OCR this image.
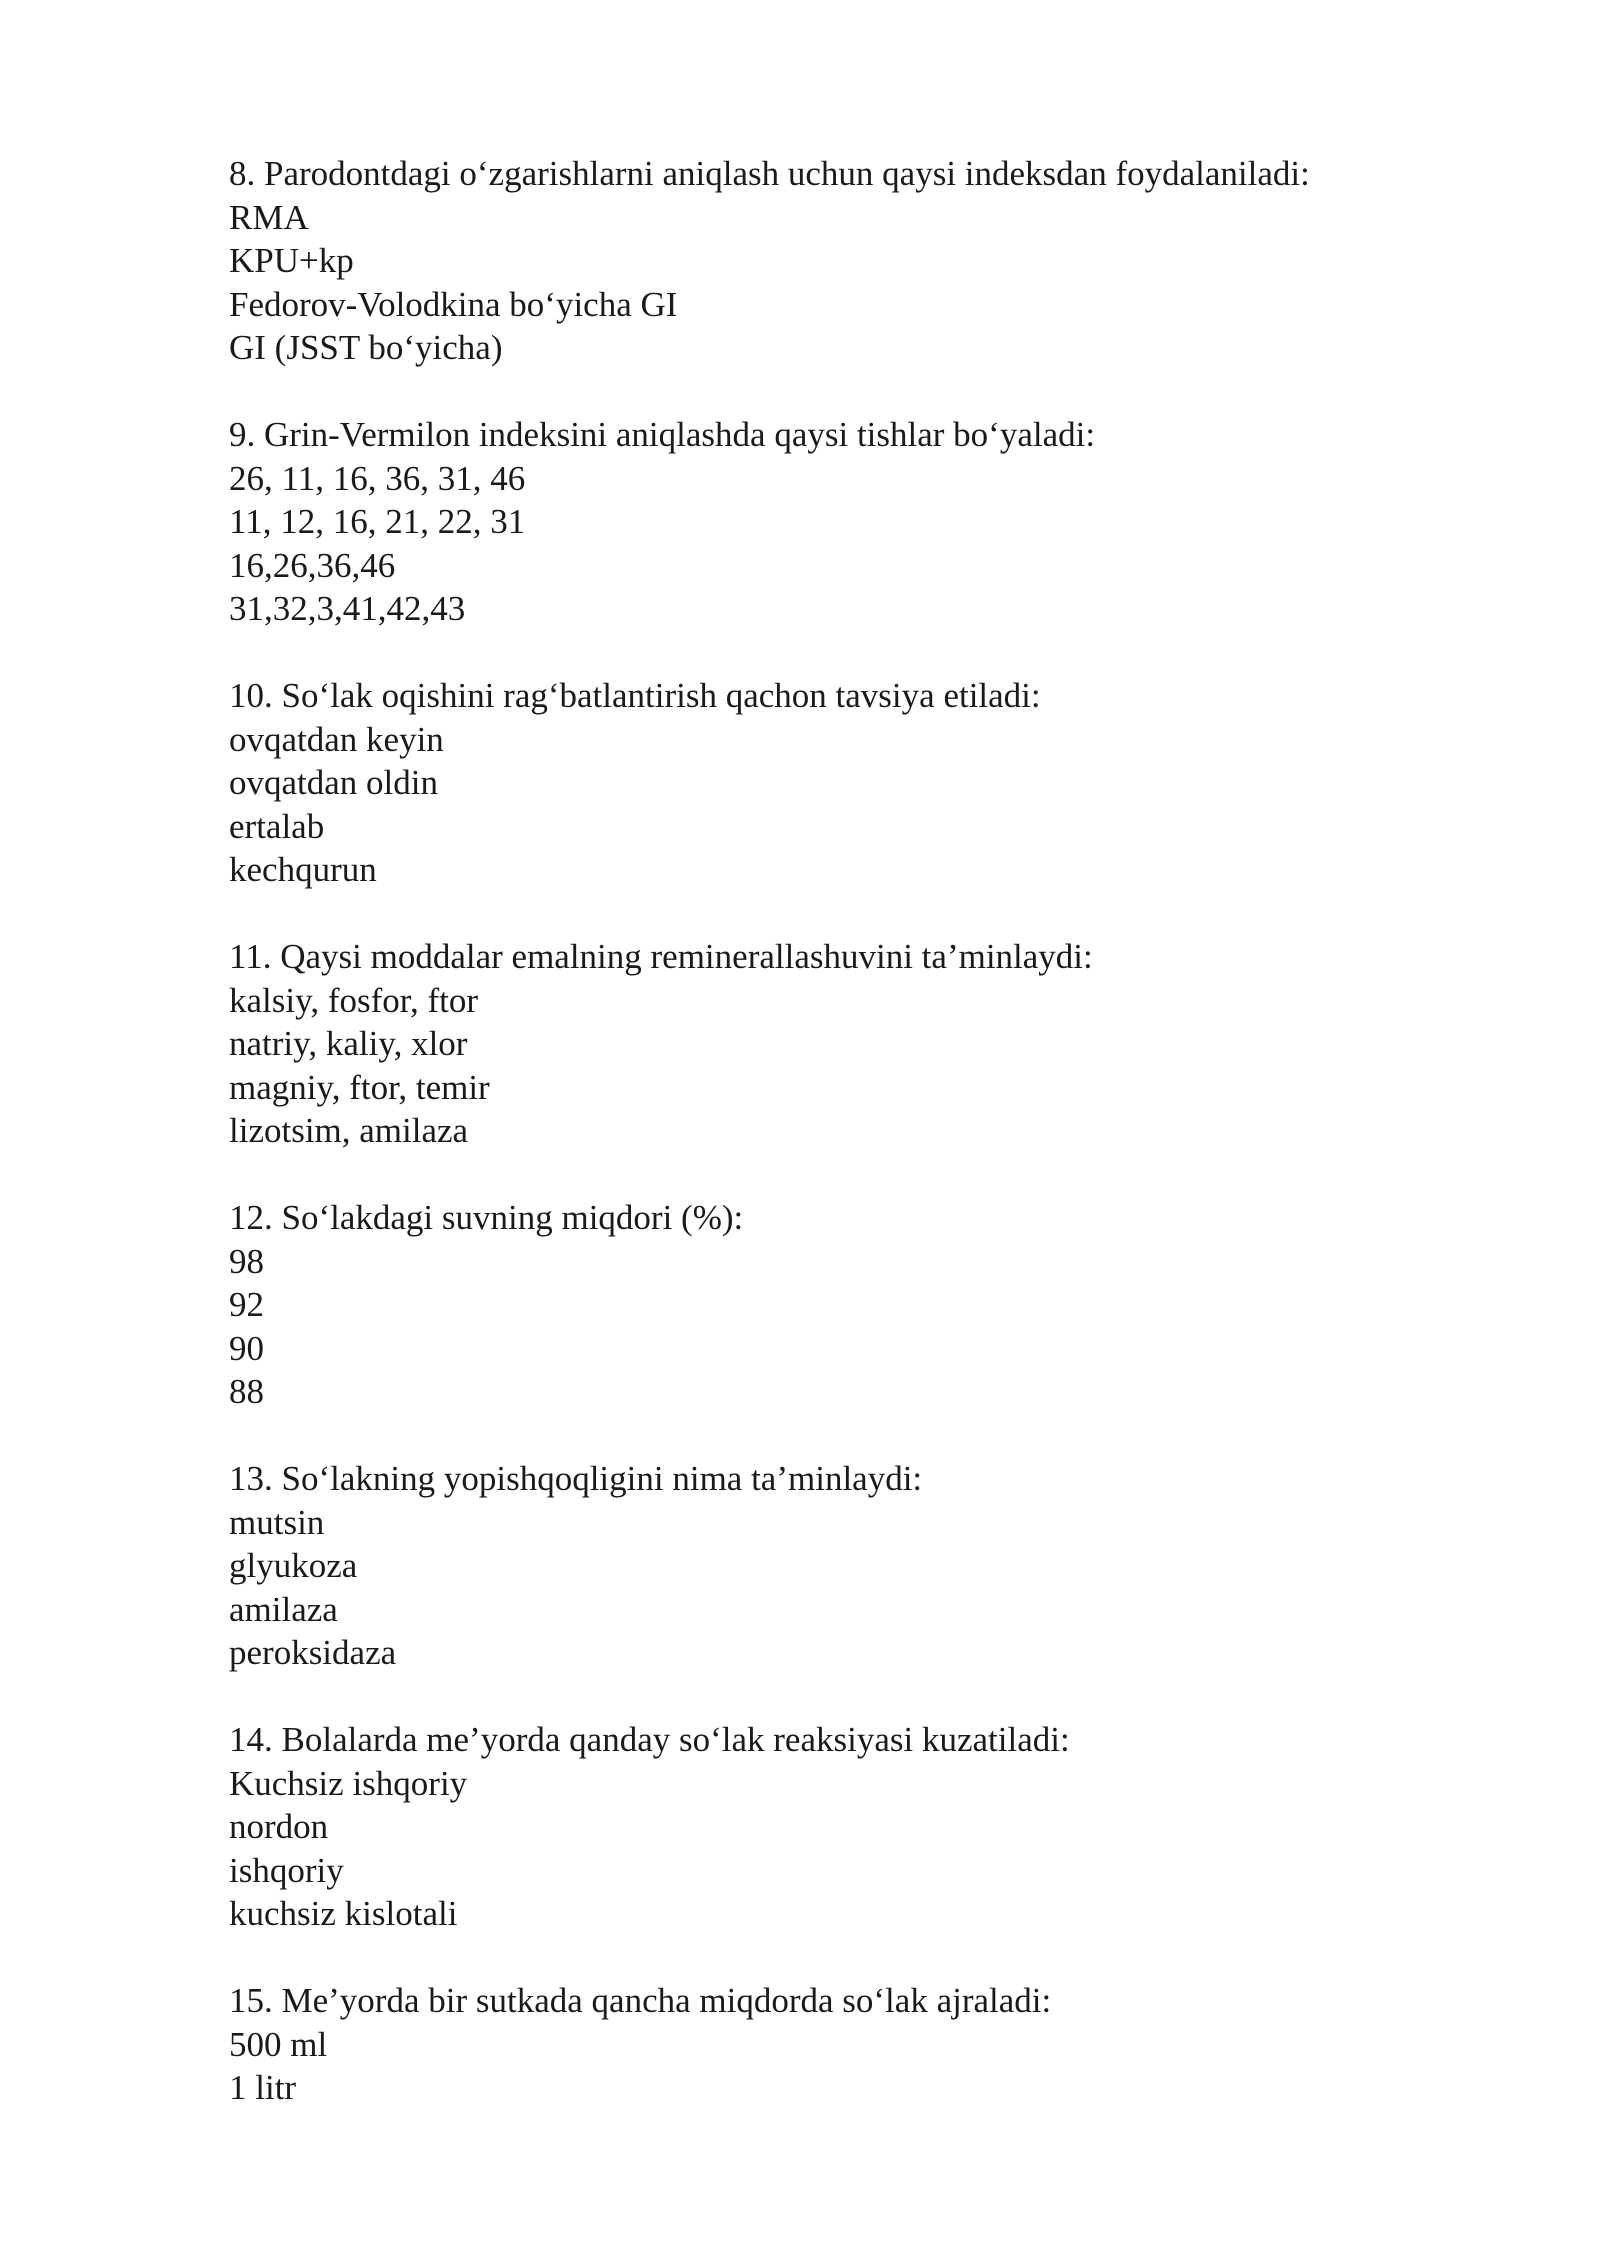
8. Parodontdagi o‘zgarishlarni aniqlash uchun qaysi indeksdan foydalaniladi:
RMA
KPU+kp
Fedorov-Volodkina bo‘yicha GI
GI (JSST bo‘yicha)
9. Grin-Vermilon indeksini aniqlashda qaysi tishlar bo‘yaladi:
26, 11, 16, 36, 31, 46
11, 12, 16, 21, 22, 31
16,26,36,46
31,32,3,41,42,43
10. So‘lak oqishini rag‘batlantirish qachon tavsiya etiladi:
ovqatdan keyin
ovqatdan oldin
ertalab
kechqurun
11. Qaysi moddalar emalning reminerallashuvini ta’minlaydi:
kalsiy, fosfor, ftor
natriy, kaliy, xlor
magniy, ftor, temir
lizotsim, amilaza
12. So‘lakdagi suvning miqdori (%):
98
92
90
88
13. So‘lakning yopishqoqligini nima ta’minlaydi:
mutsin
glyukoza
amilaza
peroksidaza
14. Bolalarda me’yorda qanday so‘lak reaksiyasi kuzatiladi:
Kuchsiz ishqoriy
nordon
ishqoriy
kuchsiz kislotali
15. Me’yorda bir sutkada qancha miqdorda so‘lak ajraladi:
500 ml
1 litr
